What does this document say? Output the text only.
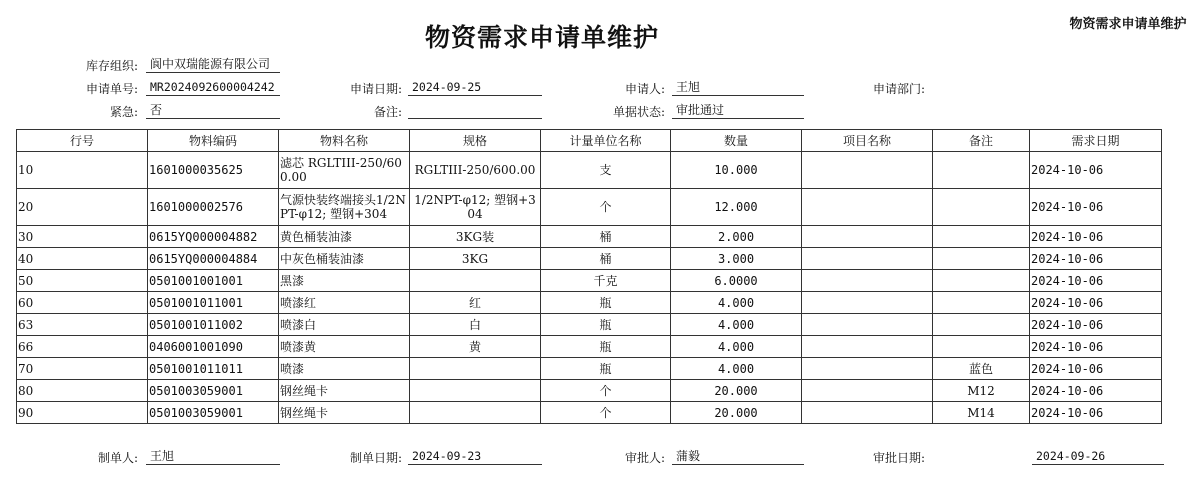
物资需求申请单维护	物资需求申请单维护
库存组织:	阆中双瑞能源有限公司
申请单号:	MR2024092600004242	申请日期: 2024-09-25	申请人: 王旭	申请部门:
紧急:	否	备注:	单据状态: 审批通过
行号	物料编码	物料名称	规格	计量单位名称	数量	项目名称	备注	需求日期
10	1601000035625	滤芯 RGLTIII-250/600.00	RGLTIII-250/600.00	支	10.000			2024-10-06
20	1601000002576	气源快装终端接头1/2NPT-φ12; 塑钢+304	1/2NPT-φ12; 塑钢+304	个	12.000			2024-10-06
30	0615YQ000004882	黄色桶装油漆	3KG装	桶	2.000			2024-10-06
40	0615YQ000004884	中灰色桶装油漆	3KG	桶	3.000			2024-10-06
50	0501001001001	黑漆		千克	6.0000			2024-10-06
60	0501001011001	喷漆红	红	瓶	4.000			2024-10-06
63	0501001011002	喷漆白	白	瓶	4.000			2024-10-06
66	0406001001090	喷漆黄	黄	瓶	4.000			2024-10-06
70	0501001011011	喷漆		瓶	4.000		蓝色	2024-10-06
80	0501003059001	钢丝绳卡		个	20.000		M12	2024-10-06
90	0501003059001	钢丝绳卡		个	20.000		M14	2024-10-06
制单人:	王旭	制单日期: 2024-09-23	审批人: 蒲毅	审批日期:	2024-09-26
